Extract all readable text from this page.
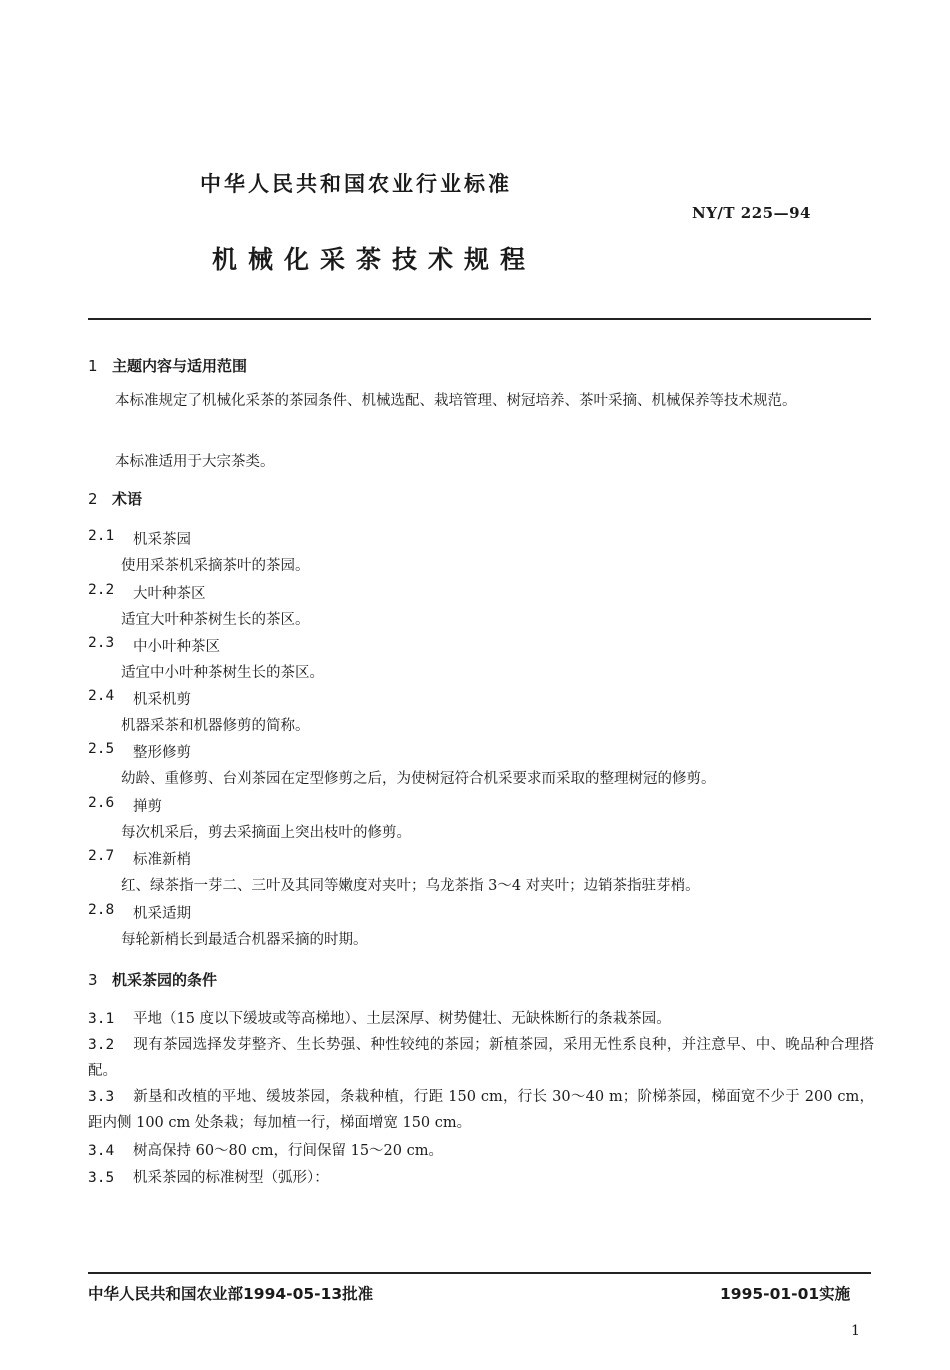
中华人民共和国农业行业标准
NY/T 225—94
机械化采茶技术规程
1 主题内容与适用范围
本标准规定了机械化采茶的茶园条件、机械选配、栽培管理、树冠培养、茶叶采摘、机械保养等技术规范。
本标准适用于大宗茶类。
2 术语
2.1 机采茶园
使用采茶机采摘茶叶的茶园。
2.2 大叶种茶区
适宜大叶种茶树生长的茶区。
2.3 中小叶种茶区
适宜中小叶种茶树生长的茶区。
2.4 机采机剪
机器采茶和机器修剪的简称。
2.5 整形修剪
幼龄、重修剪、台刈茶园在定型修剪之后，为使树冠符合机采要求而采取的整理树冠的修剪。
2.6 掸剪
每次机采后，剪去采摘面上突出枝叶的修剪。
2.7 标准新梢
红、绿茶指一芽二、三叶及其同等嫩度对夹叶；乌龙茶指 3～4 对夹叶；边销茶指驻芽梢。
2.8 机采适期
每轮新梢长到最适合机器采摘的时期。
3 机采茶园的条件
3.1 平地（15 度以下缓坡或等高梯地）、土层深厚、树势健壮、无缺株断行的条栽茶园。
3.2 现有茶园选择发芽整齐、生长势强、种性较纯的茶园；新植茶园，采用无性系良种，并注意早、中、晚品种合理搭配。
3.3 新垦和改植的平地、缓坡茶园，条栽种植，行距 150 cm，行长 30～40 m；阶梯茶园，梯面宽不少于 200 cm，距内侧 100 cm 处条栽；每加植一行，梯面增宽 150 cm。
3.4 树高保持 60～80 cm，行间保留 15～20 cm。
3.5 机采茶园的标准树型（弧形）：
中华人民共和国农业部1994-05-13批准	1995-01-01实施
1
